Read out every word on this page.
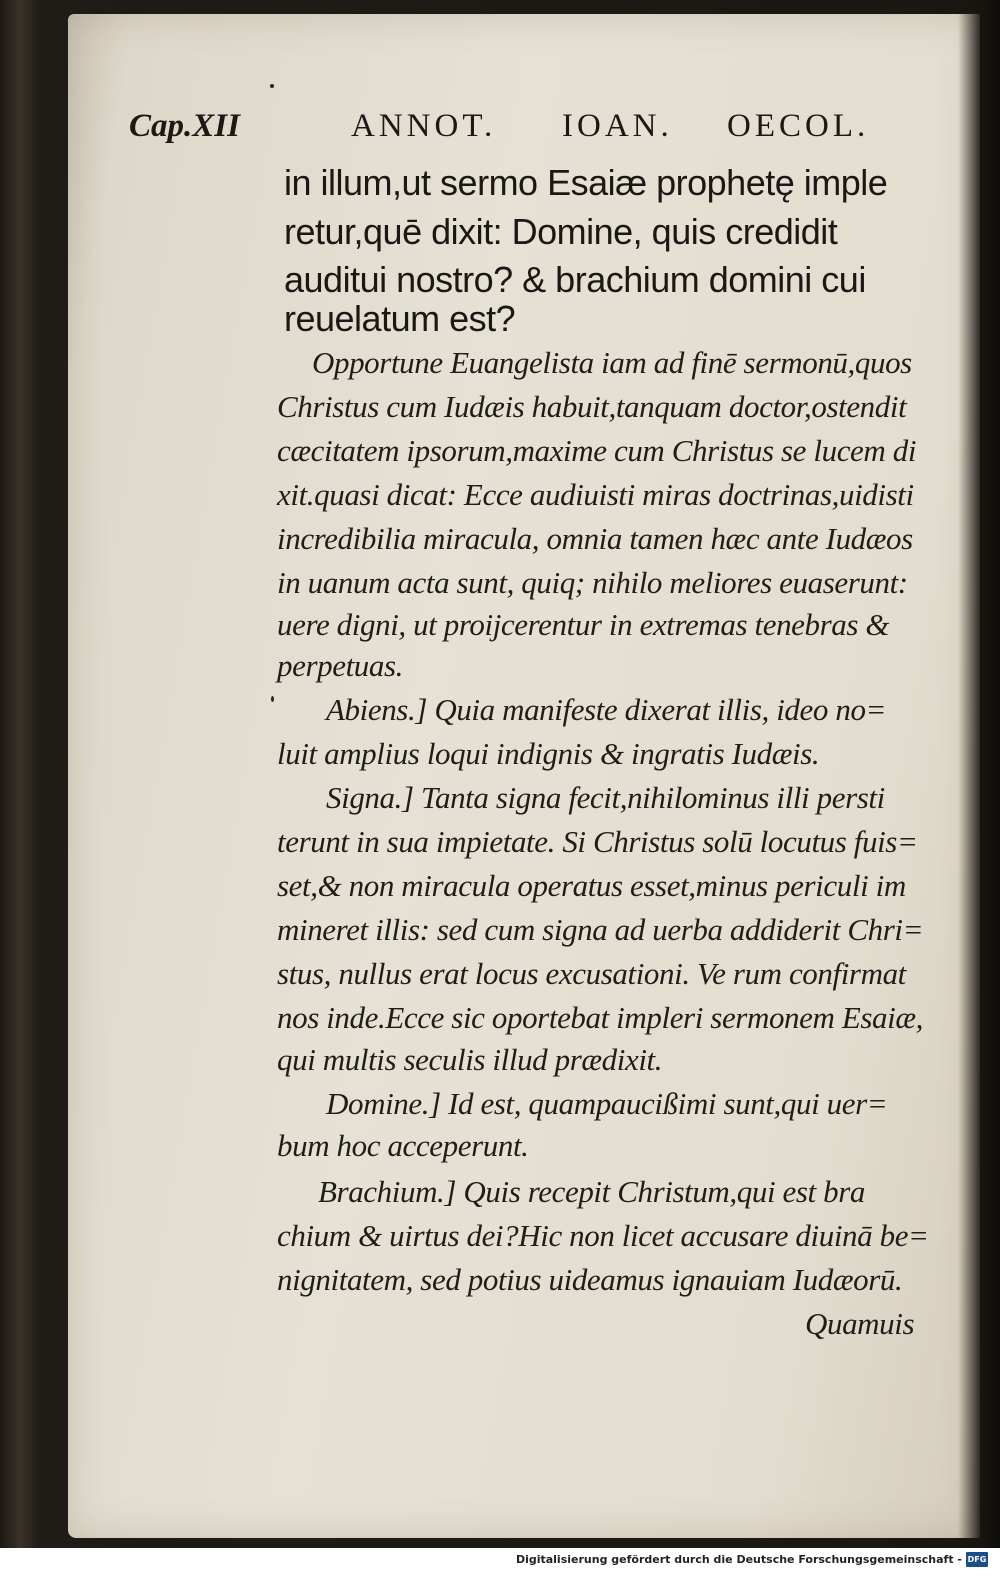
Cap.XII	ANNOT. IOAN. OECOL.
in illum,ut sermo Esaiæ prophetę imple
retur,quē dixit: Domine, quis credidit
auditui nostro? & brachium domini cui
reuelatum est?
Opportune Euangelista iam ad finē sermonū,quos
Christus cum Iudæis habuit,tanquam doctor,ostendit
cæcitatem ipsorum,maxime cum Christus se lucem di
xit.quasi dicat: Ecce audiuisti miras doctrinas,uidisti
incredibilia miracula, omnia tamen hæc ante Iudæos
in uanum acta sunt, quiq; nihilo meliores euaserunt:
uere digni, ut proijcerentur in extremas tenebras &
perpetuas.
Abiens.] Quia manifeste dixerat illis, ideo no=
luit amplius loqui indignis & ingratis Iudæis.
Signa.] Tanta signa fecit,nihilominus illi persti
terunt in sua impietate. Si Christus solū locutus fuis=
set,& non miracula operatus esset,minus periculi im
mineret illis: sed cum signa ad uerba addiderit Chri=
stus, nullus erat locus excusationi. Ve rum confirmat
nos inde.Ecce sic oportebat impleri sermonem Esaiæ,
qui multis seculis illud prædixit.
Domine.] Id est, quampaucißimi sunt,qui uer=
bum hoc acceperunt.
Brachium.] Quis recepit Christum,qui est bra
chium & uirtus dei?Hic non licet accusare diuinā be=
nignitatem, sed potius uideamus ignauiam Iudæorū.
Quamuis
Digitalisierung gefördert durch die Deutsche Forschungsgemeinschaft - DFG
